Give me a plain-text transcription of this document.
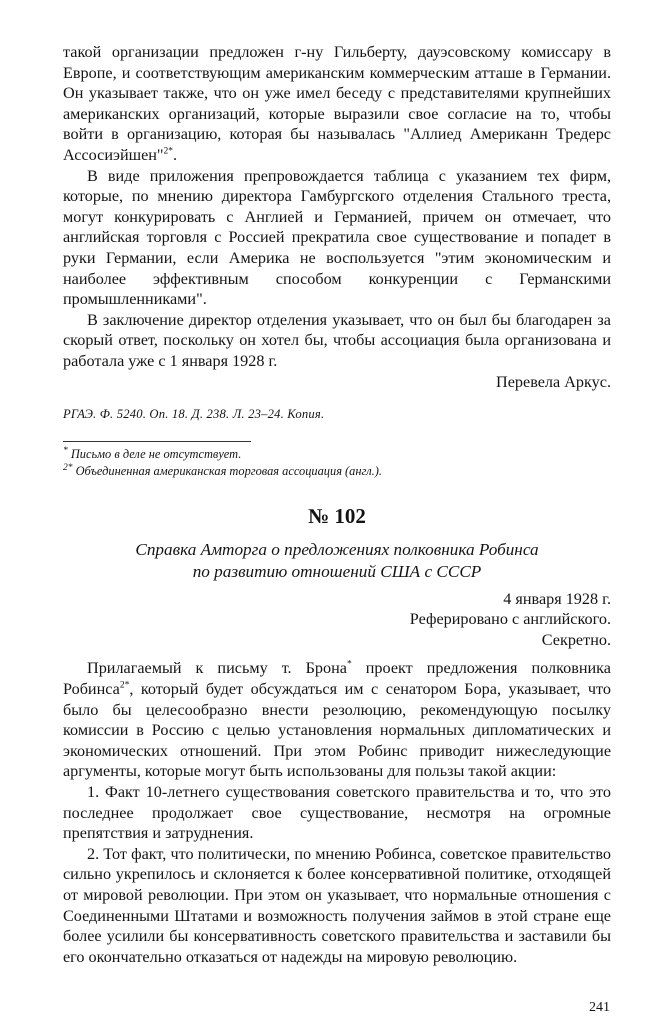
такой организации предложен г-ну Гильберту, дауэсовскому комиссару в Европе, и соответствующим американским коммерческим атташе в Германии. Он указывает также, что он уже имел беседу с представителями крупнейших американских организаций, которые выразили свое согласие на то, чтобы войти в организацию, которая бы называлась "Аллиед Американн Тредерс Ассосиэйшен"$^{2*}$.

В виде приложения препровождается таблица с указанием тех фирм, которые, по мнению директора Гамбургского отделения Стального треста, могут конкурировать с Англией и Германией, причем он отмечает, что английская торговля с Россией прекратила свое существование и попадет в руки Германии, если Америка не воспользуется "этим экономическим и наиболее эффективным способом конкуренции с Германскими промышленниками".

В заключение директор отделения указывает, что он был бы благодарен за скорый ответ, поскольку он хотел бы, чтобы ассоциация была организована и работала уже с 1 января 1928 г.

Перевела Аркус.

РГАЭ. Ф. 5240. Оп. 18. Д. 238. Л. 23–24. Копия.

* Письмо в деле не отсутствует.

$^{2*}$ Объединенная американская торговая ассоциация (англ.).

№ 102
Справка Амторга о предложениях полковника Робинса
по развитию отношений США с СССР
4 января 1928 г.
Реферировано с английского.
Секретно.

Прилагаемый к письму т. Брона* проект предложения полковника Робинса$^{2*}$, который будет обсуждаться им с сенатором Бора, указывает, что было бы целесообразно внести резолюцию, рекомендующую посылку комиссии в Россию с целью установления нормальных дипломатических и экономических отношений. При этом Робинс приводит нижеследующие аргументы, которые могут быть использованы для пользы такой акции:

1. Факт 10-летнего существования советского правительства и то, что это последнее продолжает свое существование, несмотря на огромные препятствия и затруднения.

2. Тот факт, что политически, по мнению Робинса, советское правительство сильно укрепилось и склоняется к более консервативной политике, отходящей от мировой революции. При этом он указывает, что нормальные отношения с Соединенными Штатами и возможность получения займов в этой стране еще более усилили бы консервативность советского правительства и заставили бы его окончательно отказаться от надежды на мировую революцию.

241
